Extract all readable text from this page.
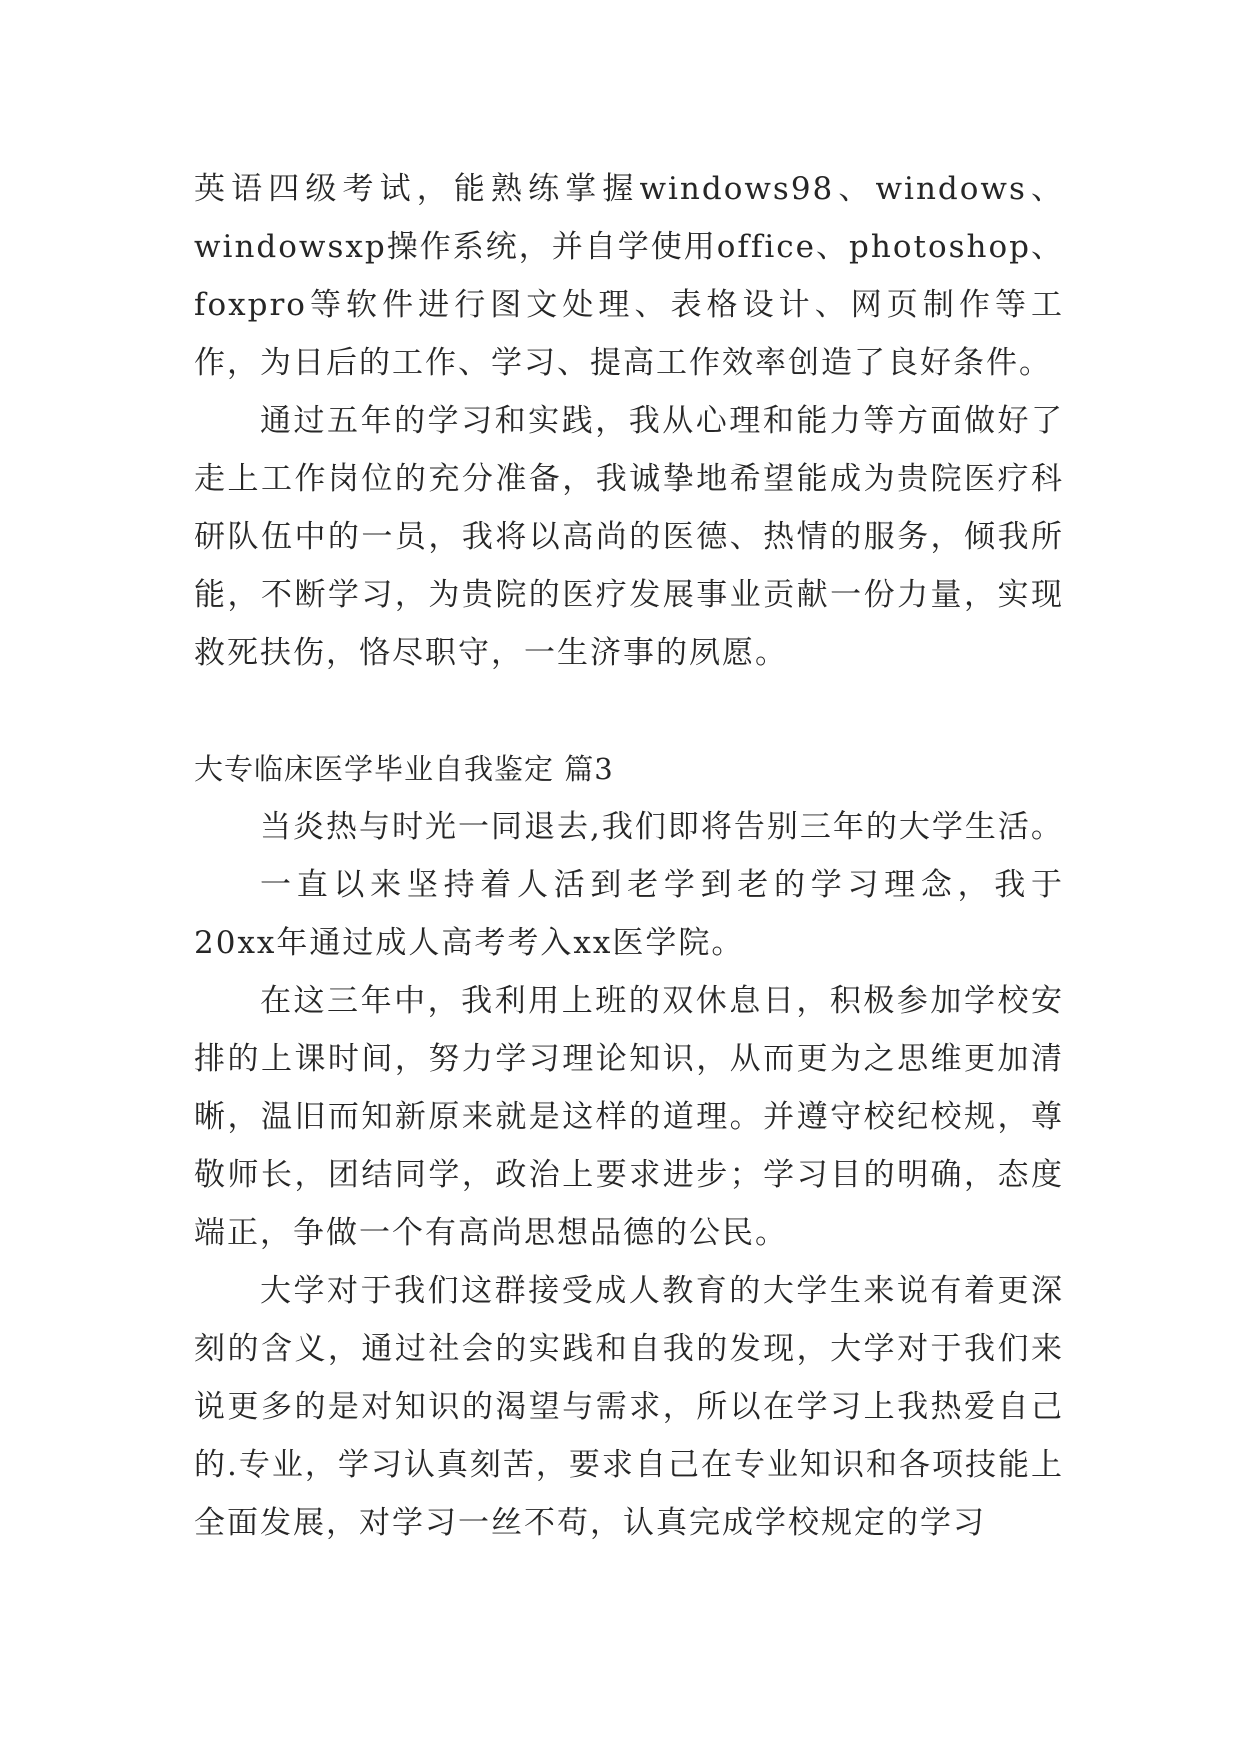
英语四级考试，能熟练掌握windows98、windows、windowsxp操作系统，并自学使用office、photoshop、foxpro等软件进行图文处理、表格设计、网页制作等工作，为日后的工作、学习、提高工作效率创造了良好条件。

通过五年的学习和实践，我从心理和能力等方面做好了走上工作岗位的充分准备，我诚挚地希望能成为贵院医疗科研队伍中的一员，我将以高尚的医德、热情的服务，倾我所能，不断学习，为贵院的医疗发展事业贡献一份力量，实现救死扶伤，恪尽职守，一生济事的夙愿。

大专临床医学毕业自我鉴定 篇3

当炎热与时光一同退去,我们即将告别三年的大学生活。

一直以来坚持着人活到老学到老的学习理念，我于20xx年通过成人高考考入xx医学院。

在这三年中，我利用上班的双休息日，积极参加学校安排的上课时间，努力学习理论知识，从而更为之思维更加清晰，温旧而知新原来就是这样的道理。并遵守校纪校规，尊敬师长，团结同学，政治上要求进步；学习目的明确，态度端正，争做一个有高尚思想品德的公民。

大学对于我们这群接受成人教育的大学生来说有着更深刻的含义，通过社会的实践和自我的发现，大学对于我们来说更多的是对知识的渴望与需求，所以在学习上我热爱自己的.专业，学习认真刻苦，要求自己在专业知识和各项技能上全面发展，对学习一丝不苟，认真完成学校规定的学习
